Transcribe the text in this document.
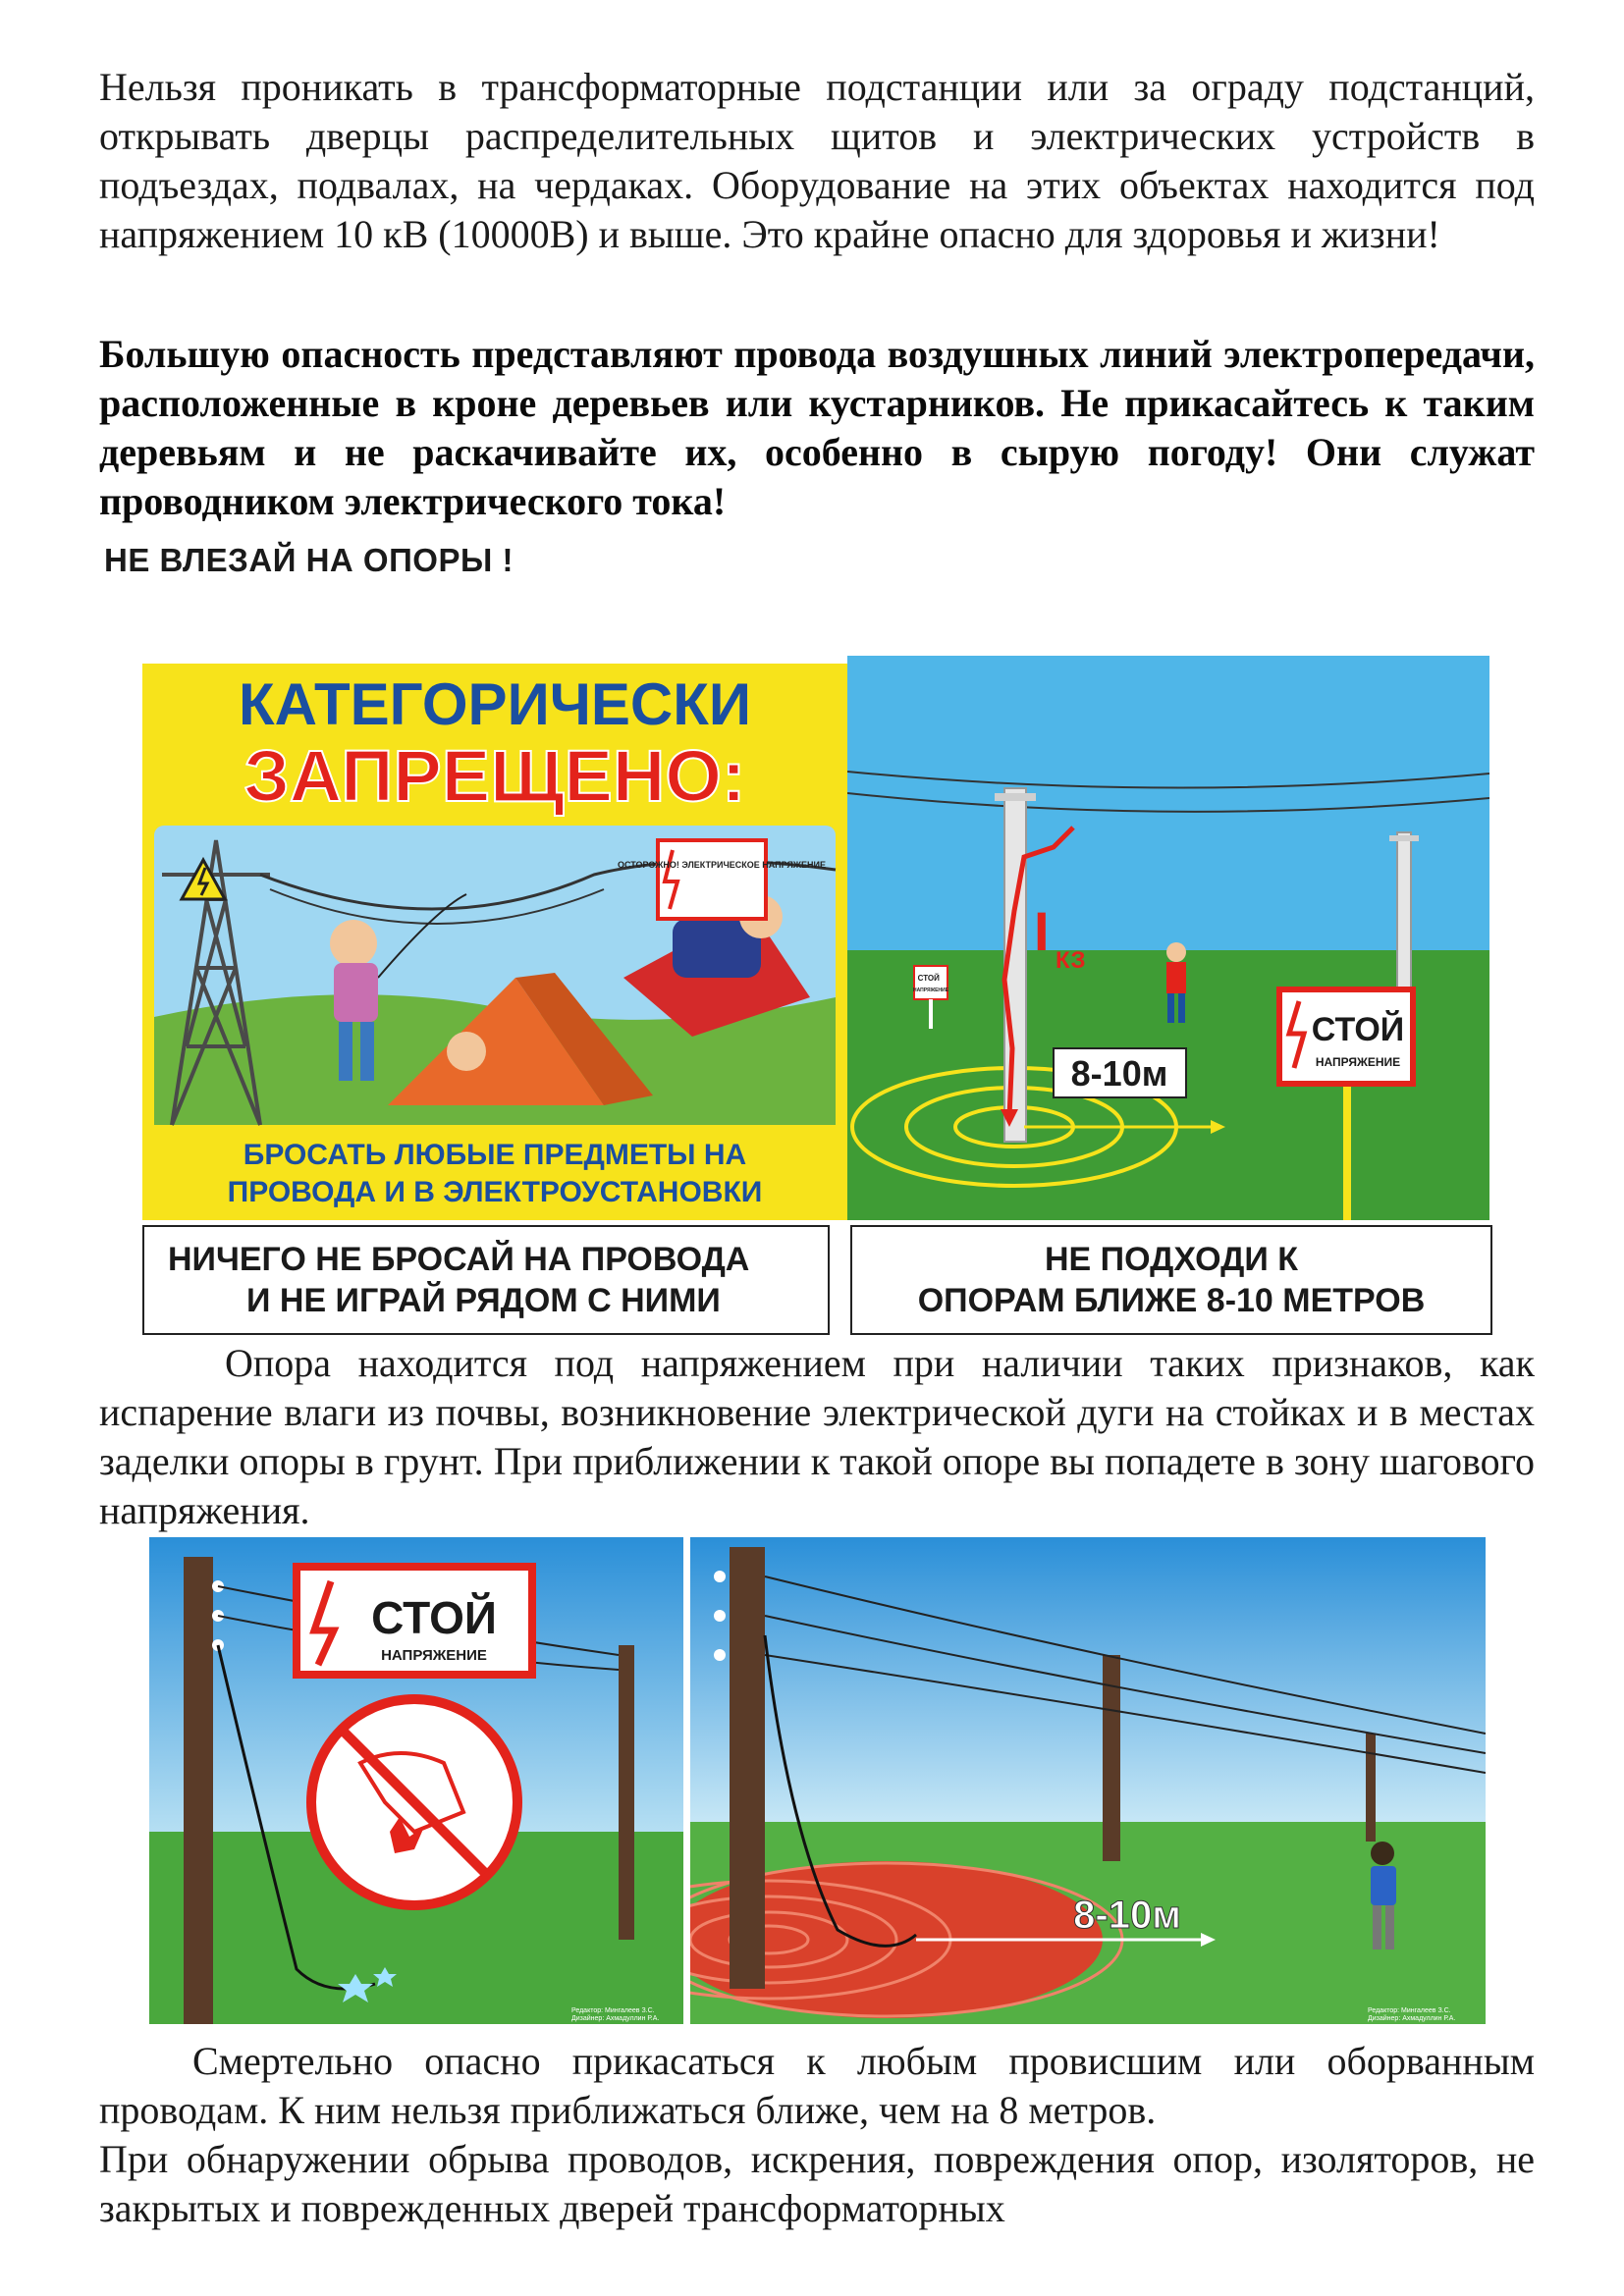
Нельзя проникать в трансформаторные подстанции или за ограду подстанций, открывать дверцы распределительных щитов и электрических устройств в подъездах, подвалах, на чердаках. Оборудование на этих объектах находится под напряжением 10 кВ (10000В) и выше. Это крайне опасно для здоровья и жизни!

Большую опасность представляют провода воздушных линий электропередачи, расположенные в кроне деревьев или кустарников. Не прикасайтесь к таким деревьям и не раскачивайте их, особенно в сырую погоду! Они служат проводником электрического тока!

НЕ ВЛЕЗАЙ НА ОПОРЫ !

КАТЕГОРИЧЕСКИ
ЗАПРЕЩЕНО:
ОСТОРОЖНО! ЭЛЕКТРИЧЕСКОЕ НАПРЯЖЕНИЕ
БРОСАТЬ ЛЮБЫЕ ПРЕДМЕТЫ НА
ПРОВОДА И В ЭЛЕКТРОУСТАНОВКИ
I КЗ
8-10м
СТОЙ НАПРЯЖЕНИЕ
СТОЙ
НАПРЯЖЕНИЕ
НИЧЕГО НЕ БРОСАЙ НА ПРОВОДА
И НЕ ИГРАЙ РЯДОМ С НИМИ
НЕ ПОДХОДИ К
ОПОРАМ БЛИЖЕ 8-10 МЕТРОВ

Опора находится под напряжением при наличии таких признаков, как испарение влаги из почвы, возникновение электрической дуги на стойках и в местах заделки опоры в грунт. При приближении к такой опоре вы попадете в зону шагового напряжения.

СТОЙ
НАПРЯЖЕНИЕ
Редактор: Мингалеев З.С. Дизайнер: Ахмадуллин Р.А.
8-10м
Редактор: Мингалеев З.С. Дизайнер: Ахмадуллин Р.А.

Смертельно опасно прикасаться к любым провисшим или оборванным проводам. К ним нельзя приближаться ближе, чем на 8 метров.

При обнаружении обрыва проводов, искрения, повреждения опор, изоляторов, не закрытых и поврежденных дверей трансформаторных
